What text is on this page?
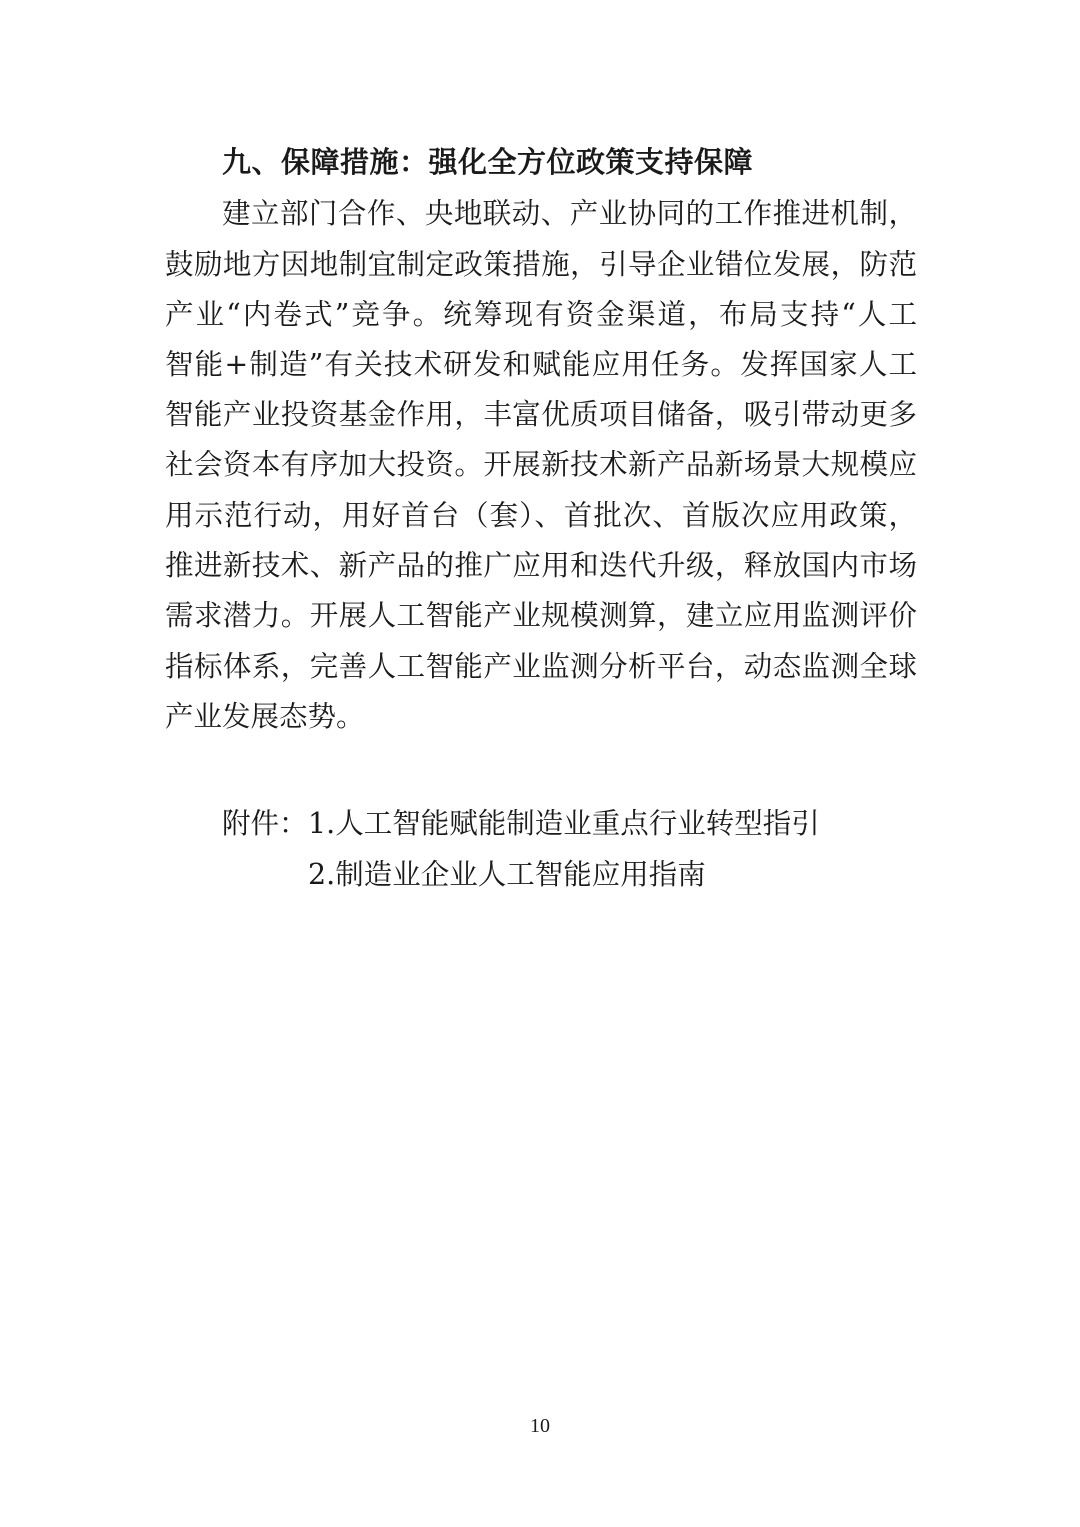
九、保障措施：强化全方位政策支持保障
建立部门合作、央地联动、产业协同的工作推进机制，
鼓励地方因地制宜制定政策措施，引导企业错位发展，防范
产业“内卷式”竞争。统筹现有资金渠道，布局支持“人工
智能+制造”有关技术研发和赋能应用任务。发挥国家人工
智能产业投资基金作用，丰富优质项目储备，吸引带动更多
社会资本有序加大投资。开展新技术新产品新场景大规模应
用示范行动，用好首台（套）、首批次、首版次应用政策，
推进新技术、新产品的推广应用和迭代升级，释放国内市场
需求潜力。开展人工智能产业规模测算，建立应用监测评价
指标体系，完善人工智能产业监测分析平台，动态监测全球
产业发展态势。
附件： 1.人工智能赋能制造业重点行业转型指引
2.制造业企业人工智能应用指南
10
